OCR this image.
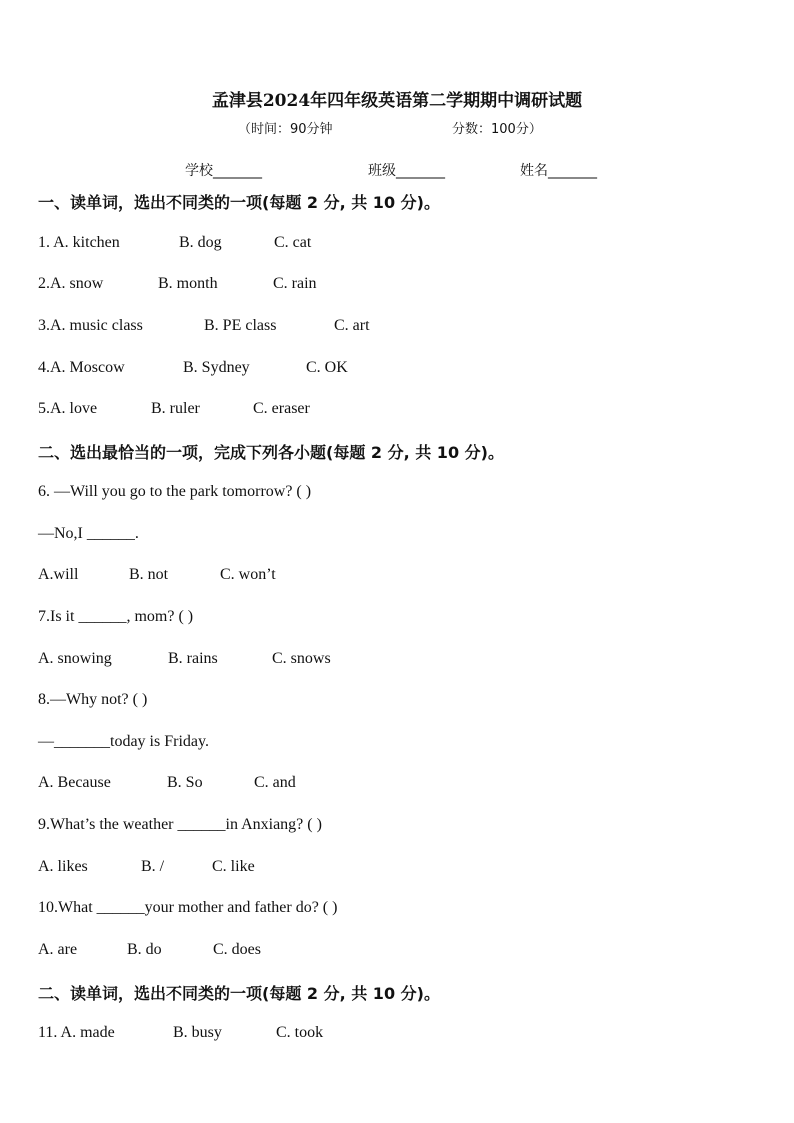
孟津县2024年四年级英语第二学期期中调研试题
（时间：90分钟	分数：100分）
学校_______	班级_______	姓名_______
一、读单词，选出不同类的一项(每题 2 分, 共 10 分)。
1. A. kitchen	B. dog	C. cat
2.A. snow	B. month	C. rain
3.A. music class	B. PE class	C. art
4.A. Moscow	B. Sydney	C. OK
5.A. love	B. ruler	C. eraser
二、选出最恰当的一项，完成下列各小题(每题 2 分, 共 10 分)。
6. —Will you go to the park tomorrow? ( )
—No,I ______.
A.will	B. not	C. won’t
7.Is it ______, mom? ( )
A. snowing	B. rains	C. snows
8.—Why not? ( )
—_______today is Friday.
A. Because	B. So	C. and
9.What’s the weather ______in Anxiang? ( )
A. likes	B. /	C. like
10.What ______your mother and father do? ( )
A. are	B. do	C. does
二、读单词，选出不同类的一项(每题 2 分, 共 10 分)。
11. A. made	B. busy	C. took
